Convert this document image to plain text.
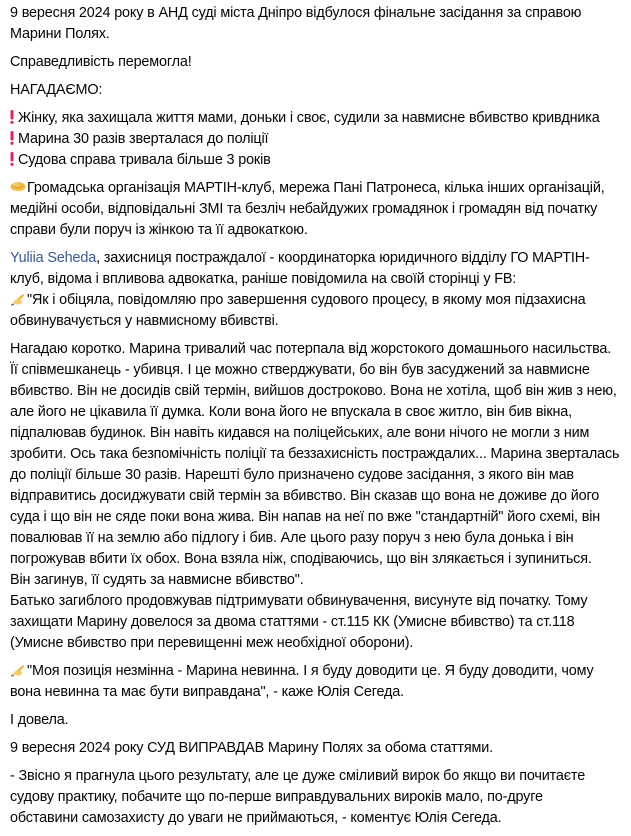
9 вересня 2024 року в АНД суді міста Дніпро відбулося фінальне засідання за справою
Марини Полях.

Справедливість перемогла!

НАГАДАЄМО:

Жінку, яка захищала життя мами, доньки і своє, судили за навмисне вбивство кривдника
Марина 30 разів зверталася до поліції
Судова справа тривала більше 3 років

Громадська організація МАРТІН-клуб, мережа Пані Патронеса, кілька інших організацій,
медійні особи, відповідальні ЗМІ та безліч небайдужих громадянок і громадян від початку
справи були поруч із жінкою та її адвокаткою.

Yuliia Seheda, захисниця постраждалої - координаторка юридичного відділу ГО МАРТІН-
клуб, відома і впливова адвокатка, раніше повідомила на своїй сторінці у FB:
"Як і обіцяла, повідомляю про завершення судового процесу, в якому моя підзахисна
обвинувачується у навмисному вбивстві.

Нагадаю коротко. Марина тривалий час потерпала від жорстокого домашнього насильства.
Її співмешканець - убивця. І це можно стверджувати, бо він був засуджений за навмисне
вбивство. Він не досидів свій термін, вийшов достроково. Вона не хотіла, щоб він жив з нею,
але його не цікавила її думка. Коли вона його не впускала в своє житло, він бив вікна,
підпалював будинок. Він навіть кидався на поліцейських, але вони нічого не могли з ним
зробити. Ось така безпомічність поліції та беззахисність постраждалих... Марина зверталась
до поліції більше 30 разів. Нарешті було призначено судове засідання, з якого він мав
відправитись досиджувати свій термін за вбивство. Він сказав що вона не доживе до його
суда і що він не сяде поки вона жива. Він напав на неї по вже "стандартній" його схемі, він
повалював її на землю або підлогу і бив. Але цього разу поруч з нею була донька і він
погрожував вбити їх обох. Вона взяла ніж, сподіваючись, що він злякається і зупиниться.
Він загинув, її судять за навмисне вбивство".
Батько загиблого продовжував підтримувати обвинувачення, висунуте від початку. Тому
захищати Марину довелося за двома статтями - ст.115 КК (Умисне вбивство) та ст.118
(Умисне вбивство при перевищенні меж необхідної оборони).

"Моя позиція незмінна - Марина невинна. І я буду доводити це. Я буду доводити, чому
вона невинна та має бути виправдана", - каже Юлія Сегеда.

І довела.

9 вересня 2024 року СУД ВИПРАВДАВ Марину Полях за обома статтями.

- Звісно я прагнула цього результату, але це дуже сміливий вирок бо якщо ви почитаєте
судову практику, побачите що по-перше виправдувальних вироків мало, по-друге
обставини самозахисту до уваги не приймаються, - коментує Юлія Сегеда.
